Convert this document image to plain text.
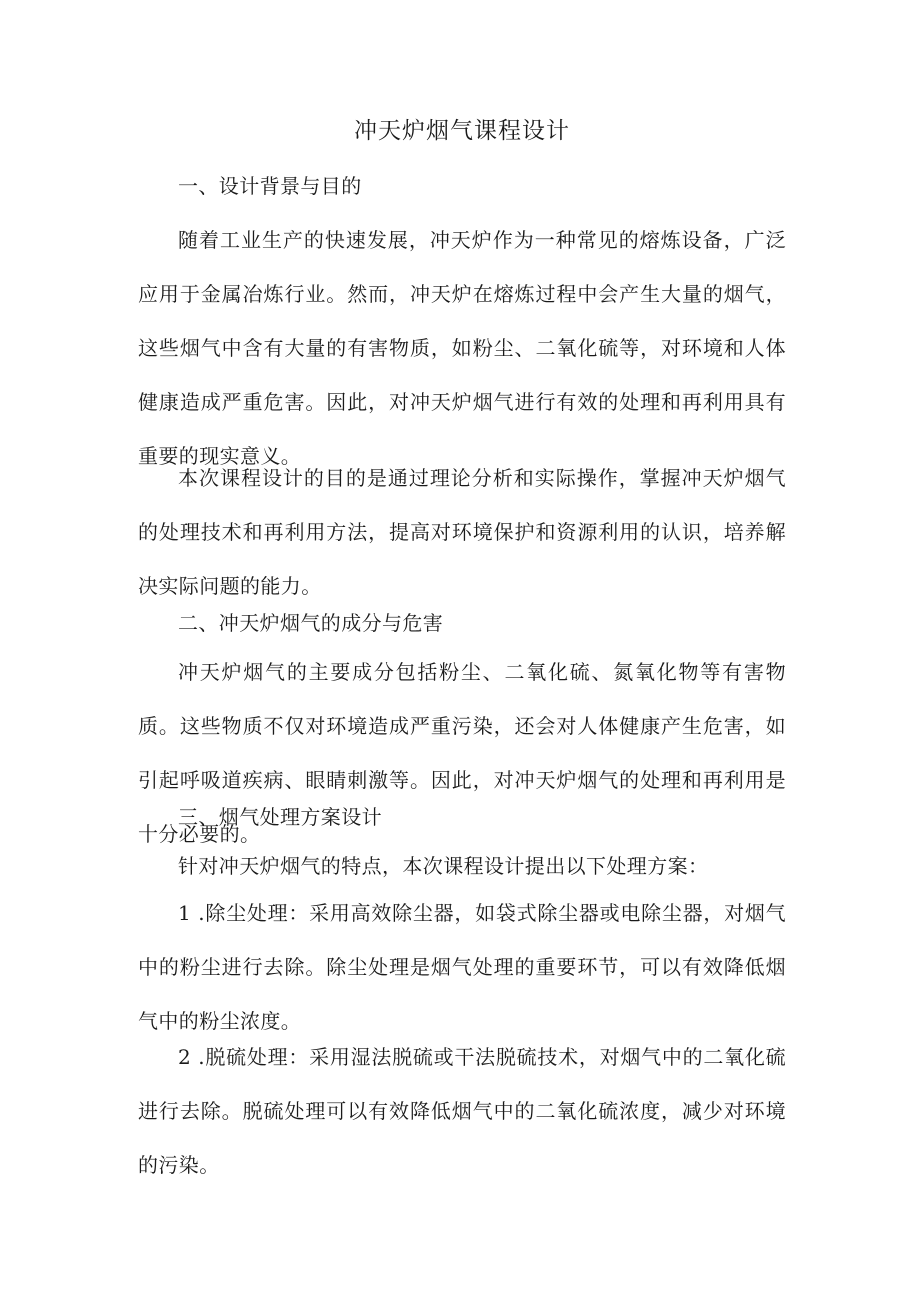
冲天炉烟气课程设计
一、设计背景与目的

随着工业生产的快速发展，冲天炉作为一种常见的熔炼设备，广泛应用于金属冶炼行业。然而，冲天炉在熔炼过程中会产生大量的烟气，这些烟气中含有大量的有害物质，如粉尘、二氧化硫等，对环境和人体健康造成严重危害。因此，对冲天炉烟气进行有效的处理和再利用具有重要的现实意义。

本次课程设计的目的是通过理论分析和实际操作，掌握冲天炉烟气的处理技术和再利用方法，提高对环境保护和资源利用的认识，培养解决实际问题的能力。

二、冲天炉烟气的成分与危害

冲天炉烟气的主要成分包括粉尘、二氧化硫、氮氧化物等有害物质。这些物质不仅对环境造成严重污染，还会对人体健康产生危害，如引起呼吸道疾病、眼睛刺激等。因此，对冲天炉烟气的处理和再利用是十分必要的。

三、烟气处理方案设计

针对冲天炉烟气的特点，本次课程设计提出以下处理方案：

1 .除尘处理：采用高效除尘器，如袋式除尘器或电除尘器，对烟气中的粉尘进行去除。除尘处理是烟气处理的重要环节，可以有效降低烟气中的粉尘浓度。

2 .脱硫处理：采用湿法脱硫或干法脱硫技术，对烟气中的二氧化硫进行去除。脱硫处理可以有效降低烟气中的二氧化硫浓度，减少对环境的污染。
